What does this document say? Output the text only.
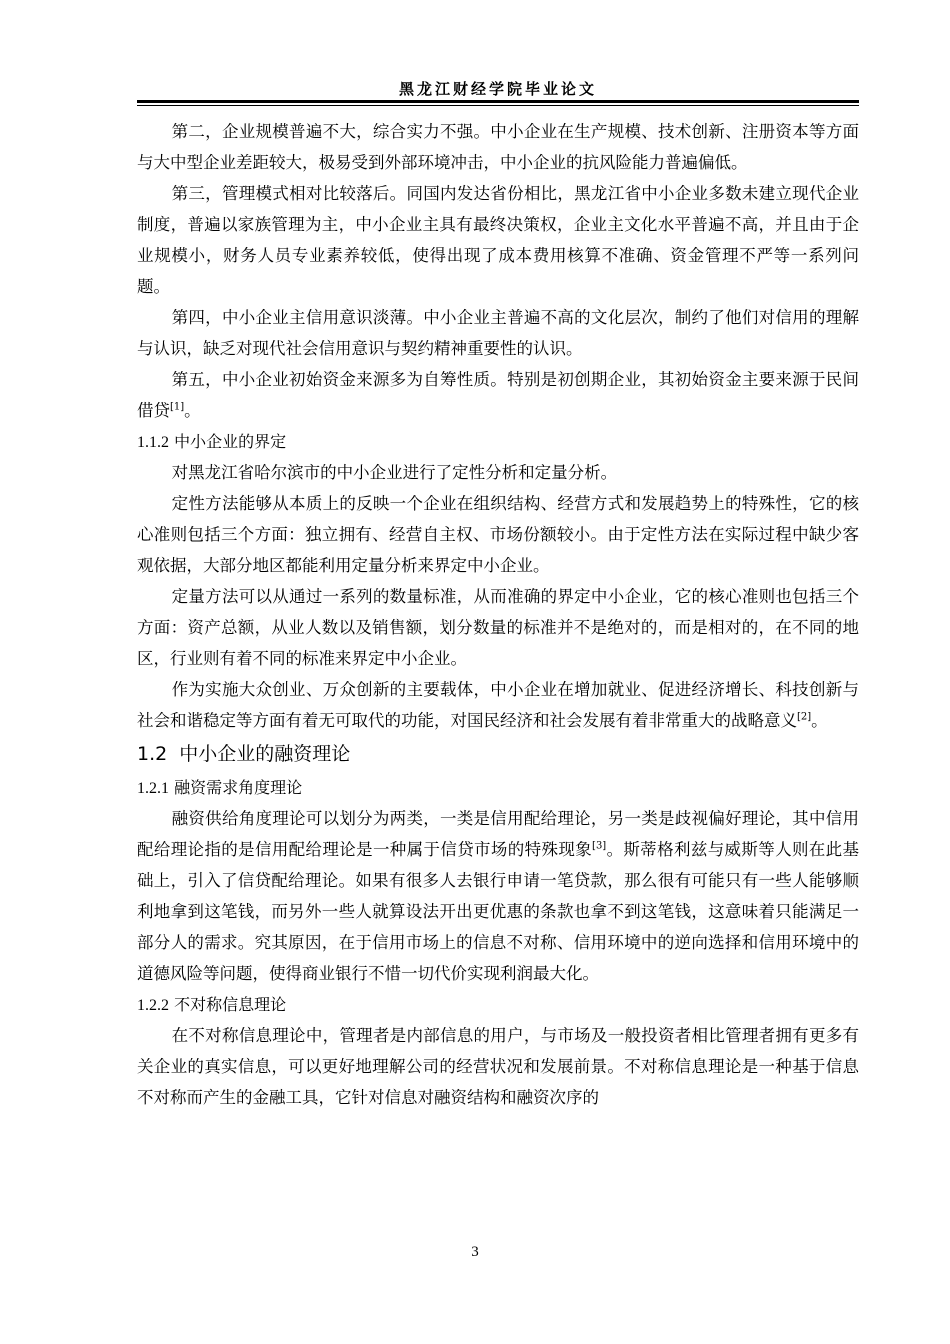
黑龙江财经学院毕业论文

第二，企业规模普遍不大，综合实力不强。中小企业在生产规模、技术创新、注册资本等方面与大中型企业差距较大，极易受到外部环境冲击，中小企业的抗风险能力普遍偏低。

第三，管理模式相对比较落后。同国内发达省份相比，黑龙江省中小企业多数未建立现代企业制度，普遍以家族管理为主，中小企业主具有最终决策权，企业主文化水平普遍不高，并且由于企业规模小，财务人员专业素养较低，使得出现了成本费用核算不准确、资金管理不严等一系列问题。

第四，中小企业主信用意识淡薄。中小企业主普遍不高的文化层次，制约了他们对信用的理解与认识，缺乏对现代社会信用意识与契约精神重要性的认识。

第五，中小企业初始资金来源多为自筹性质。特别是初创期企业，其初始资金主要来源于民间借贷[1]。

1.1.2 中小企业的界定

对黑龙江省哈尔滨市的中小企业进行了定性分析和定量分析。

定性方法能够从本质上的反映一个企业在组织结构、经营方式和发展趋势上的特殊性，它的核心准则包括三个方面：独立拥有、经营自主权、市场份额较小。由于定性方法在实际过程中缺少客观依据，大部分地区都能利用定量分析来界定中小企业。

定量方法可以从通过一系列的数量标准，从而准确的界定中小企业，它的核心准则也包括三个方面：资产总额，从业人数以及销售额，划分数量的标准并不是绝对的，而是相对的，在不同的地区，行业则有着不同的标准来界定中小企业。

作为实施大众创业、万众创新的主要载体，中小企业在增加就业、促进经济增长、科技创新与社会和谐稳定等方面有着无可取代的功能，对国民经济和社会发展有着非常重大的战略意义[2]。

1.2 中小企业的融资理论
1.2.1 融资需求角度理论

融资供给角度理论可以划分为两类，一类是信用配给理论，另一类是歧视偏好理论，其中信用配给理论指的是信用配给理论是一种属于信贷市场的特殊现象[3]。斯蒂格利兹与威斯等人则在此基础上，引入了信贷配给理论。如果有很多人去银行申请一笔贷款，那么很有可能只有一些人能够顺利地拿到这笔钱，而另外一些人就算设法开出更优惠的条款也拿不到这笔钱，这意味着只能满足一部分人的需求。究其原因，在于信用市场上的信息不对称、信用环境中的逆向选择和信用环境中的道德风险等问题，使得商业银行不惜一切代价实现利润最大化。

1.2.2 不对称信息理论

在不对称信息理论中，管理者是内部信息的用户，与市场及一般投资者相比管理者拥有更多有关企业的真实信息，可以更好地理解公司的经营状况和发展前景。不对称信息理论是一种基于信息不对称而产生的金融工具，它针对信息对融资结构和融资次序的

3
